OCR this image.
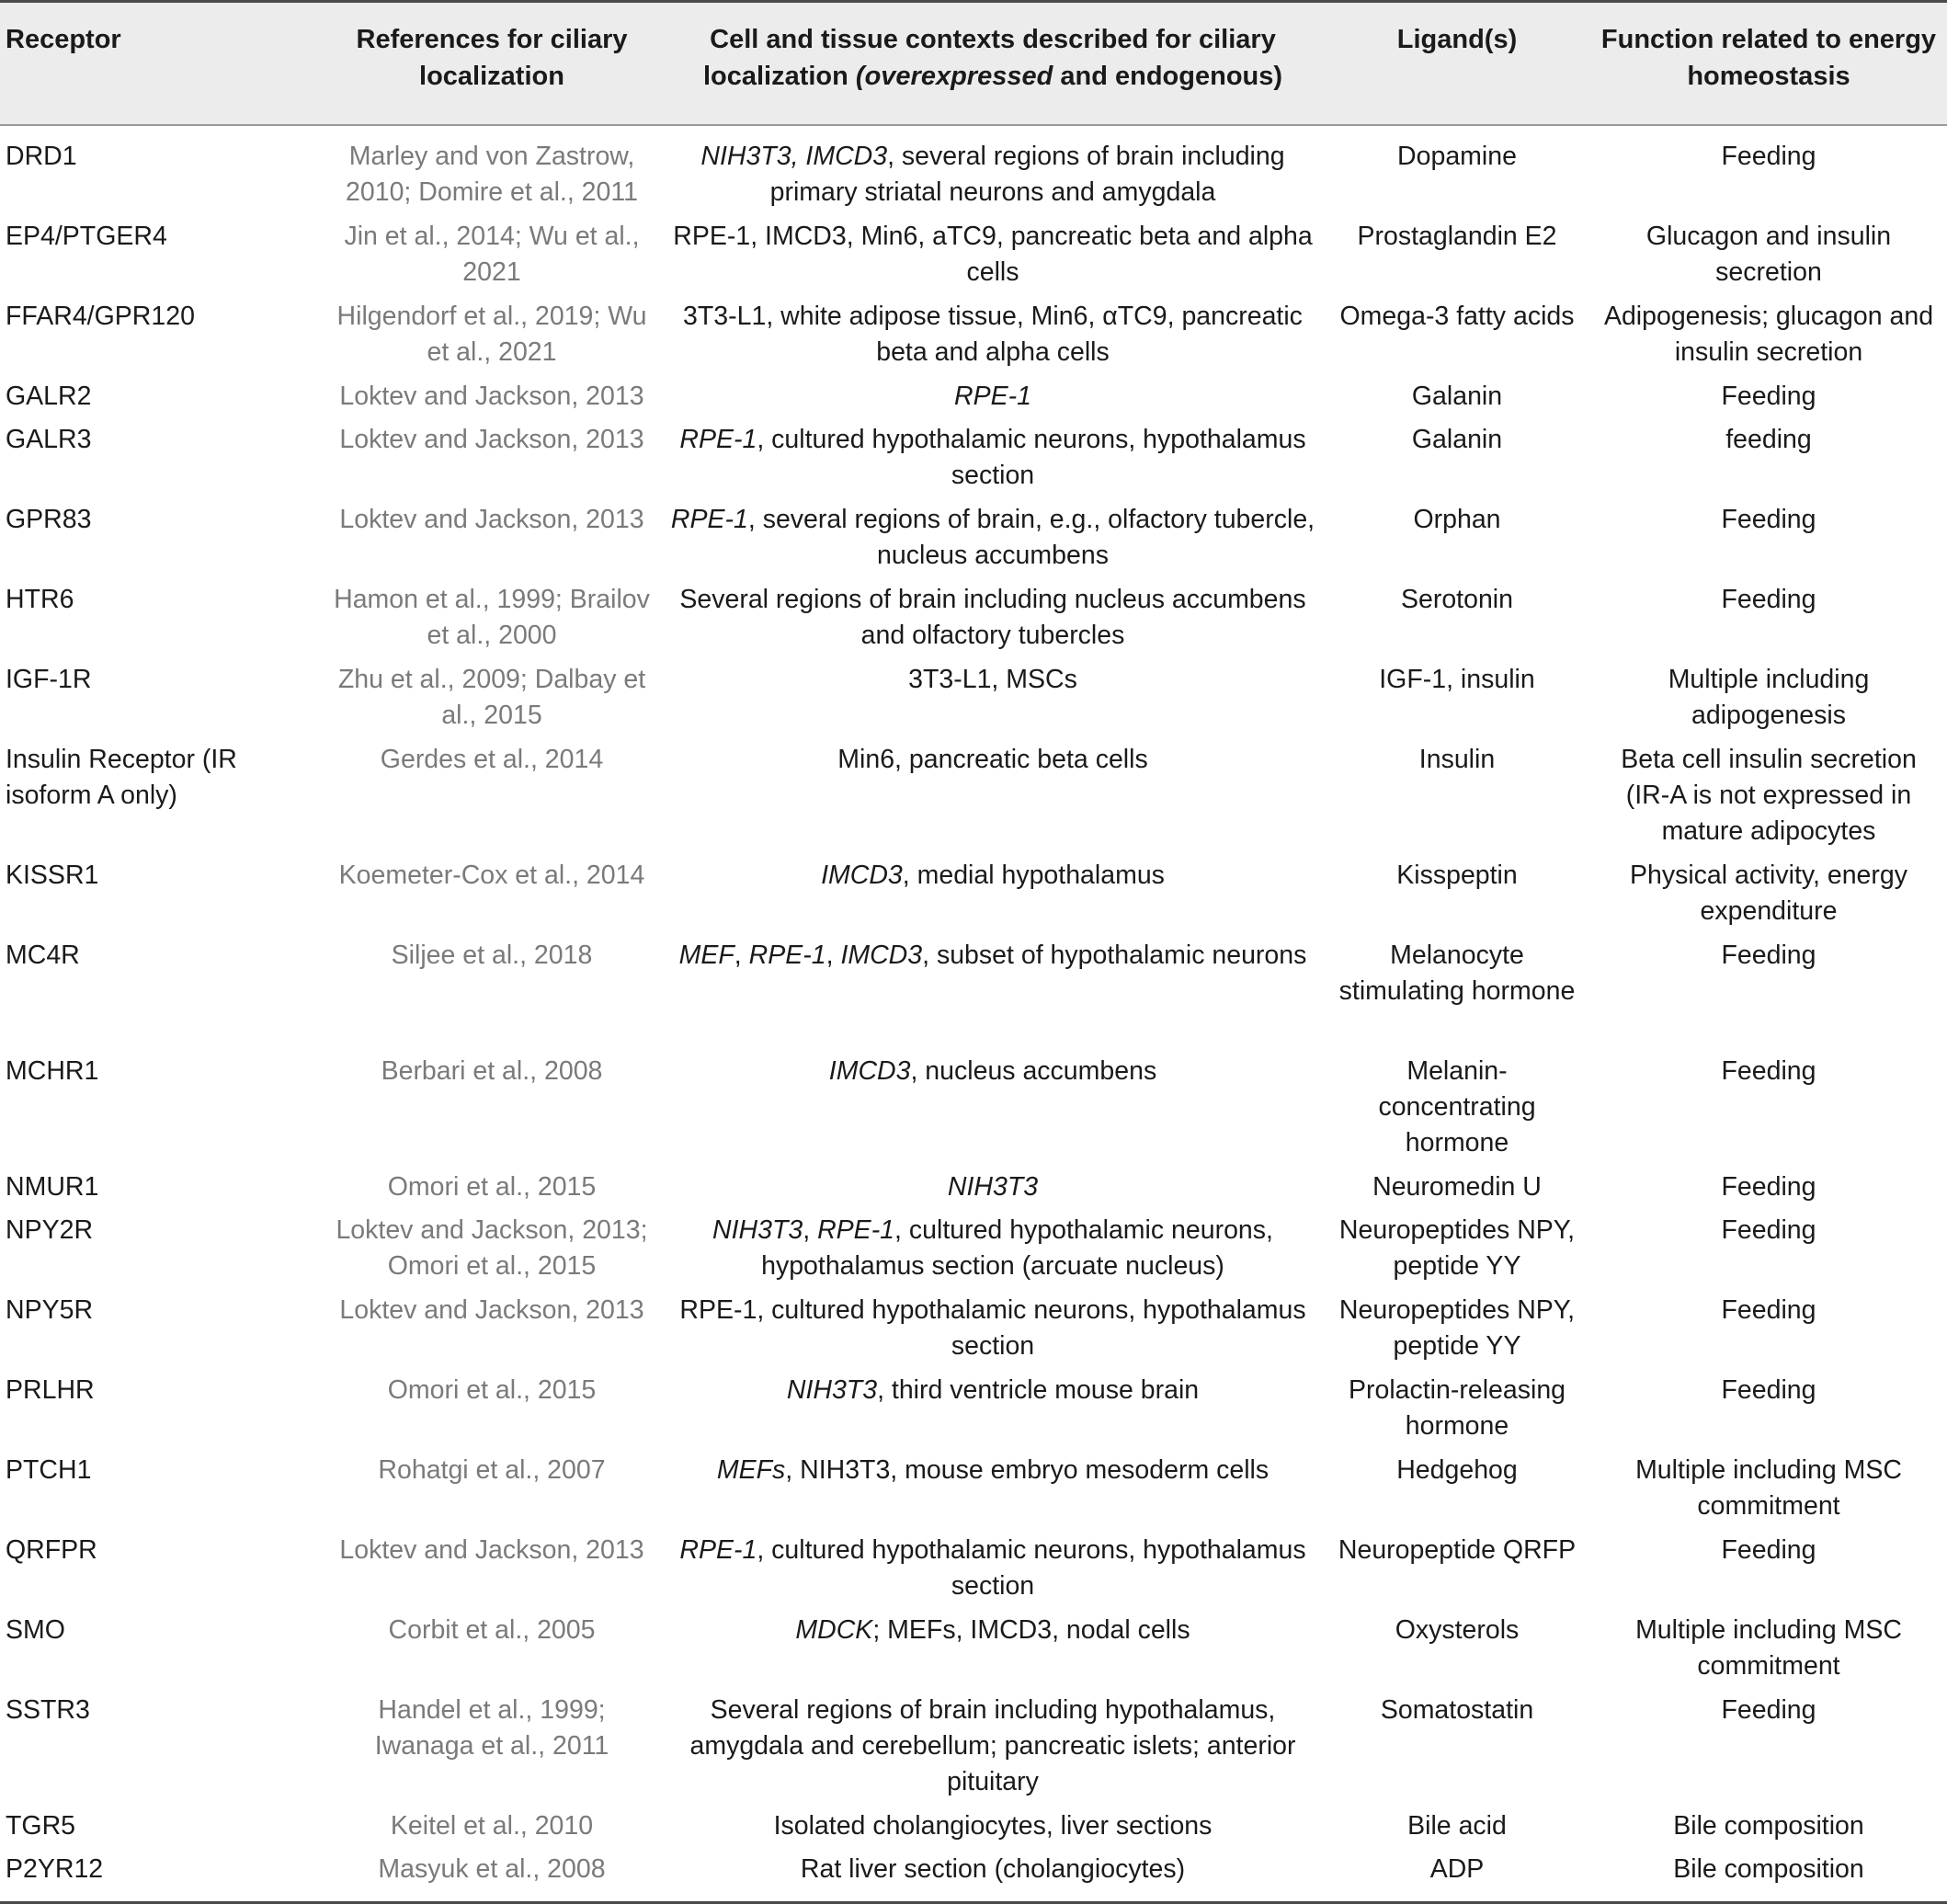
Receptor	References for ciliary localization	Cell and tissue contexts described for ciliary localization (overexpressed and endogenous)	Ligand(s)	Function related to energy homeostasis
DRD1	Marley and von Zastrow, 2010; Domire et al., 2011	NIH3T3, IMCD3, several regions of brain including primary striatal neurons and amygdala	Dopamine	Feeding
EP4/PTGER4	Jin et al., 2014; Wu et al., 2021	RPE-1, IMCD3, Min6, aTC9, pancreatic beta and alpha cells	Prostaglandin E2	Glucagon and insulin secretion
FFAR4/GPR120	Hilgendorf et al., 2019; Wu et al., 2021	3T3-L1, white adipose tissue, Min6, αTC9, pancreatic beta and alpha cells	Omega-3 fatty acids	Adipogenesis; glucagon and insulin secretion
GALR2	Loktev and Jackson, 2013	RPE-1	Galanin	Feeding
GALR3	Loktev and Jackson, 2013	RPE-1, cultured hypothalamic neurons, hypothalamus section	Galanin	feeding
GPR83	Loktev and Jackson, 2013	RPE-1, several regions of brain, e.g., olfactory tubercle, nucleus accumbens	Orphan	Feeding
HTR6	Hamon et al., 1999; Brailov et al., 2000	Several regions of brain including nucleus accumbens and olfactory tubercles	Serotonin	Feeding
IGF-1R	Zhu et al., 2009; Dalbay et al., 2015	3T3-L1, MSCs	IGF-1, insulin	Multiple including adipogenesis
Insulin Receptor (IR isoform A only)	Gerdes et al., 2014	Min6, pancreatic beta cells	Insulin	Beta cell insulin secretion (IR-A is not expressed in mature adipocytes
KISSR1	Koemeter-Cox et al., 2014	IMCD3, medial hypothalamus	Kisspeptin	Physical activity, energy expenditure
MC4R	Siljee et al., 2018	MEF, RPE-1, IMCD3, subset of hypothalamic neurons	Melanocyte stimulating hormone	Feeding
MCHR1	Berbari et al., 2008	IMCD3, nucleus accumbens	Melanin-concentrating hormone	Feeding
NMUR1	Omori et al., 2015	NIH3T3	Neuromedin U	Feeding
NPY2R	Loktev and Jackson, 2013; Omori et al., 2015	NIH3T3, RPE-1, cultured hypothalamic neurons, hypothalamus section (arcuate nucleus)	Neuropeptides NPY, peptide YY	Feeding
NPY5R	Loktev and Jackson, 2013	RPE-1, cultured hypothalamic neurons, hypothalamus section	Neuropeptides NPY, peptide YY	Feeding
PRLHR	Omori et al., 2015	NIH3T3, third ventricle mouse brain	Prolactin-releasing hormone	Feeding
PTCH1	Rohatgi et al., 2007	MEFs, NIH3T3, mouse embryo mesoderm cells	Hedgehog	Multiple including MSC commitment
QRFPR	Loktev and Jackson, 2013	RPE-1, cultured hypothalamic neurons, hypothalamus section	Neuropeptide QRFP	Feeding
SMO	Corbit et al., 2005	MDCK; MEFs, IMCD3, nodal cells	Oxysterols	Multiple including MSC commitment
SSTR3	Handel et al., 1999; Iwanaga et al., 2011	Several regions of brain including hypothalamus, amygdala and cerebellum; pancreatic islets; anterior pituitary	Somatostatin	Feeding
TGR5	Keitel et al., 2010	Isolated cholangiocytes, liver sections	Bile acid	Bile composition
P2YR12	Masyuk et al., 2008	Rat liver section (cholangiocytes)	ADP	Bile composition
